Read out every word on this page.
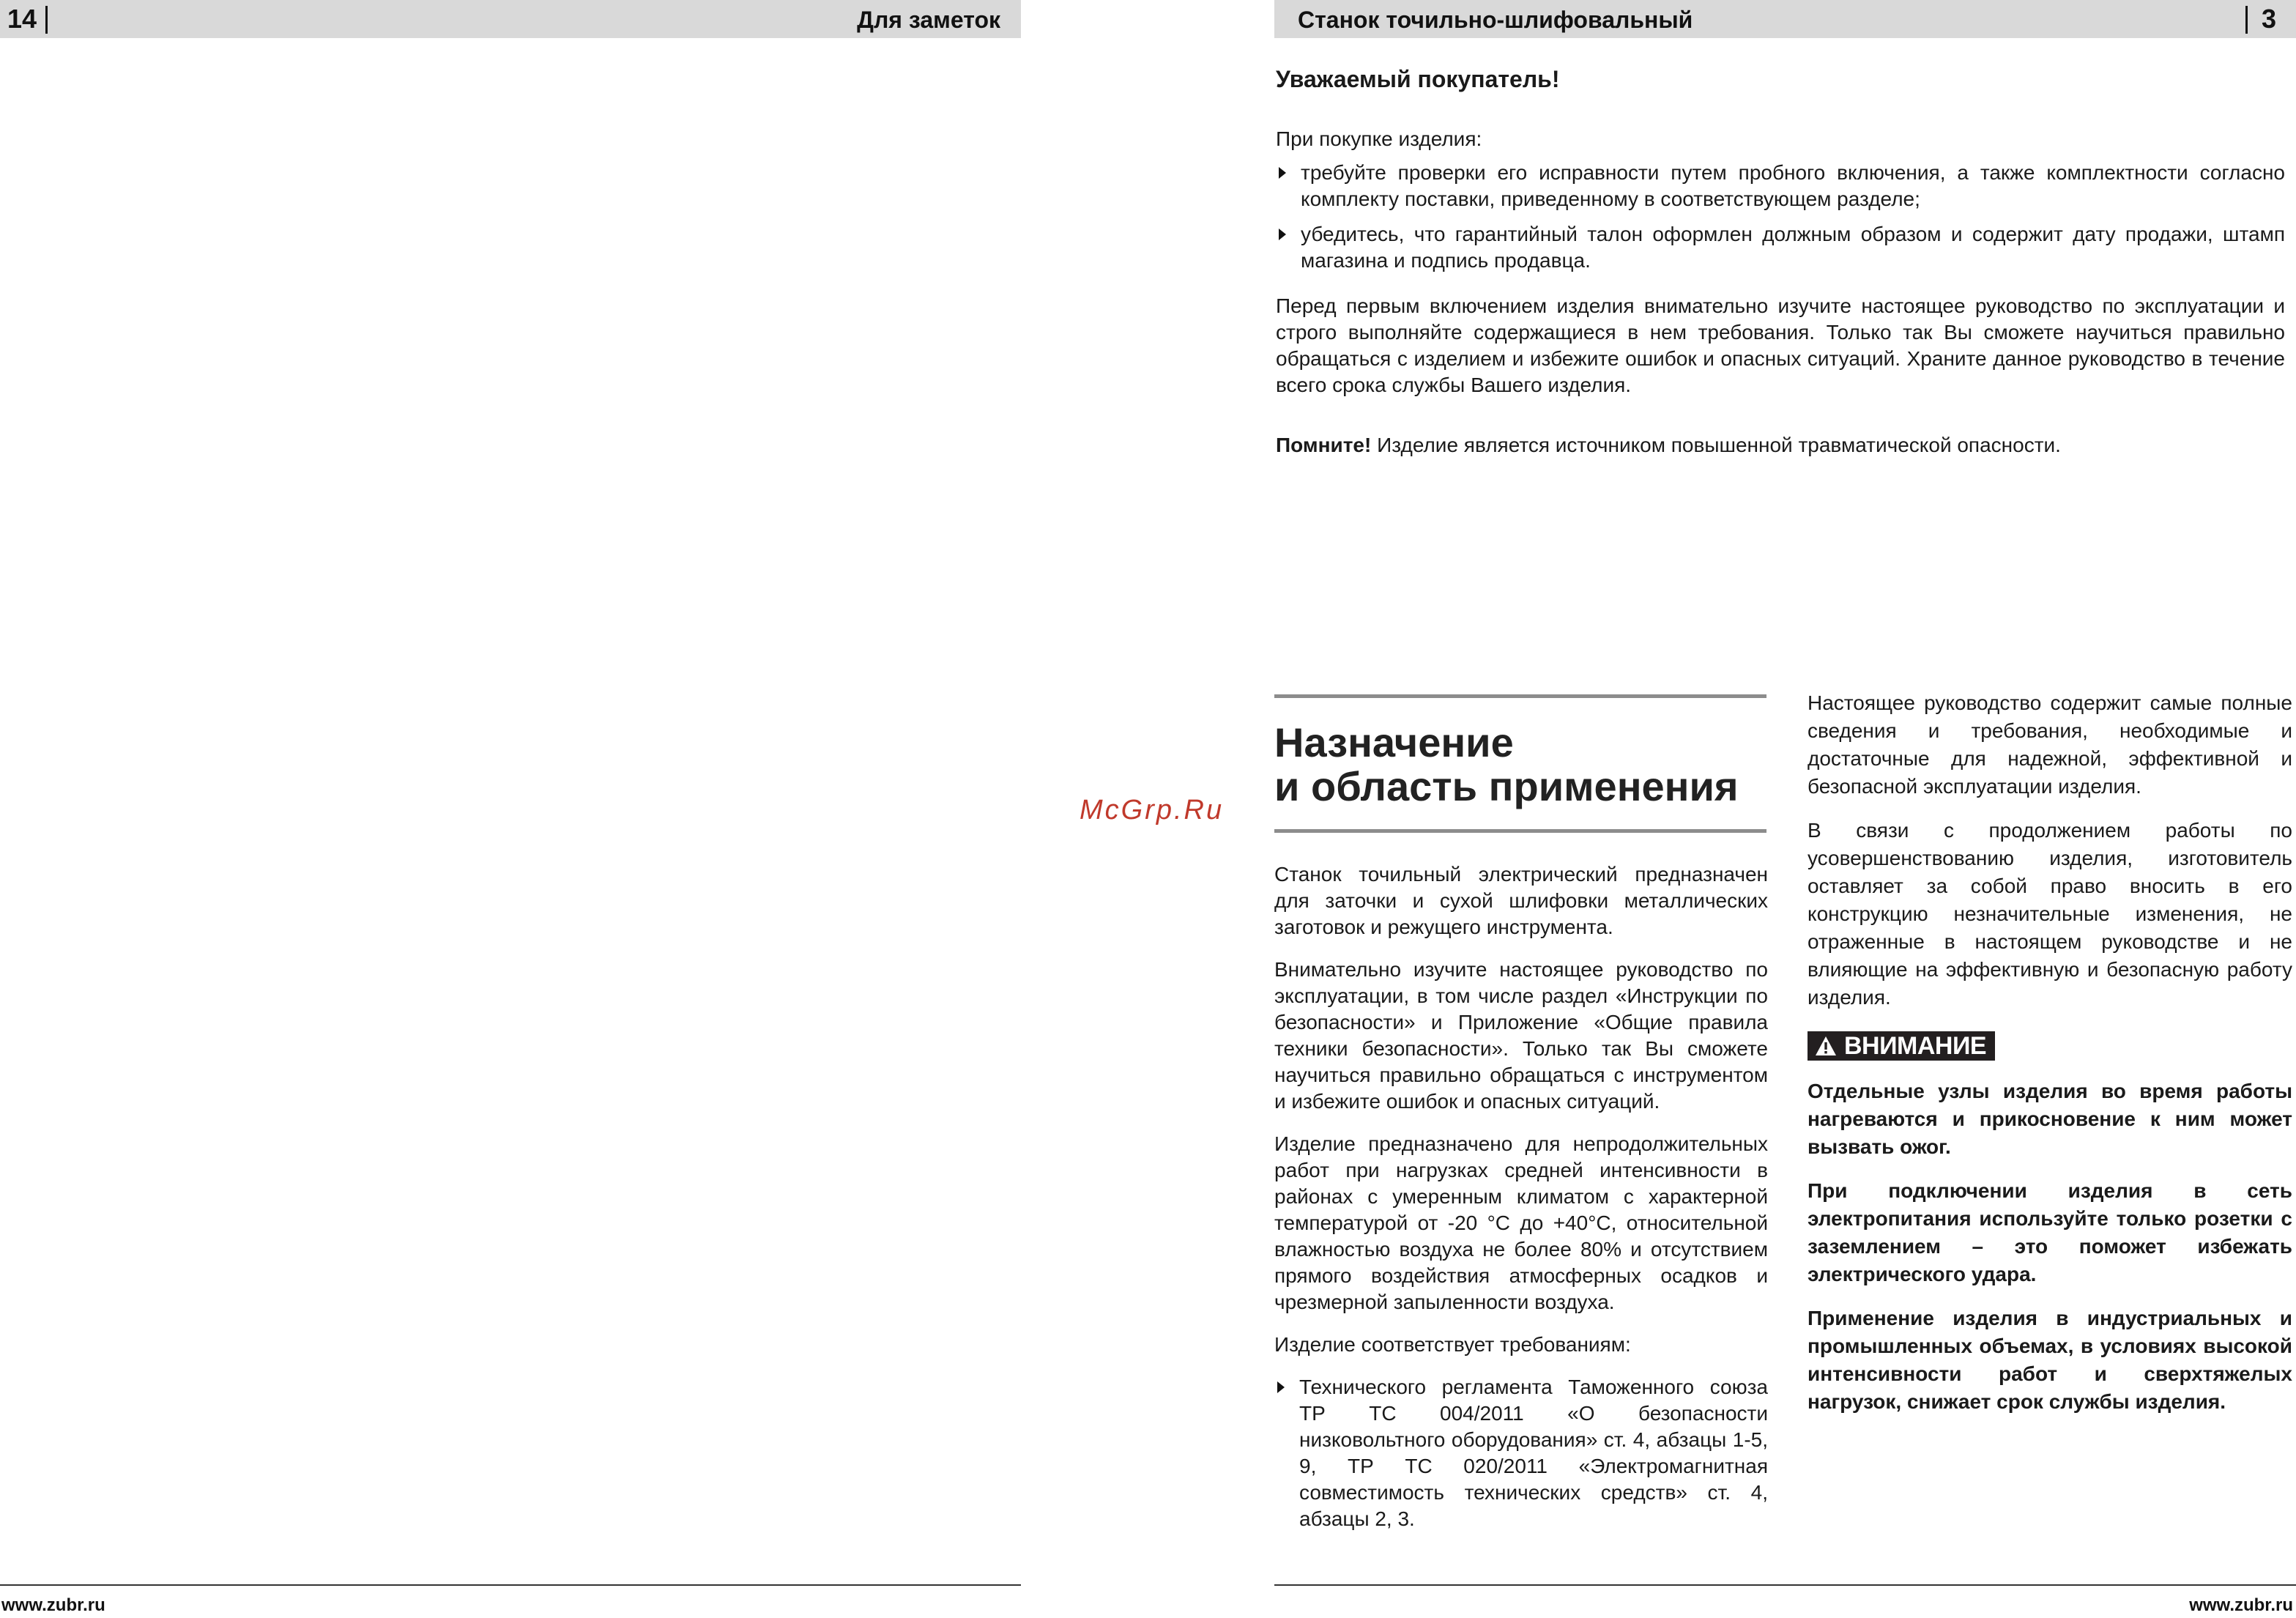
14	Для заметок	Станок точильно-шлифовальный	3
McGrp.Ru
Уважаемый покупатель!

При покупке изделия:

требуйте проверки его исправности путем пробного включения, а также комплектности согласно комплекту поставки, приведенному в соответствующем разделе;
убедитесь, что гарантийный талон оформлен должным образом и содержит дату продажи, штамп магазина и подпись продавца.

Перед первым включением изделия внимательно изучите настоящее руководство по эксплуатации и строго выполняйте содержащиеся в нем требования. Только так Вы сможете научиться правильно обращаться с изделием и избежите ошибок и опасных ситуаций. Храните данное руководство в течение всего срока службы Вашего изделия.

Помните! Изделие является источником повышенной травматической опасности.

Назначение
и область применения

Станок точильный электрический предназначен для заточки и сухой шлифовки металлических заготовок и режущего инструмента.

Внимательно изучите настоящее руководство по эксплуатации, в том числе раздел «Инструкции по безопасности» и Приложение «Общие правила техники безопасности». Только так Вы сможете научиться правильно обращаться с инструментом и избежите ошибок и опасных ситуаций.

Изделие предназначено для непродолжительных работ при нагрузках средней интенсивности в районах с умеренным климатом с характерной температурой от -20 °С до +40°С, относительной влажностью воздуха не более 80% и отсутствием прямого воздействия атмосферных осадков и чрезмерной запыленности воздуха.

Изделие соответствует требованиям:

Технического регламента Таможенного союза ТР ТС 004/2011 «О безопасности низковольтного оборудования» ст. 4, абзацы 1-5, 9, ТР ТС 020/2011 «Электромагнитная совместимость технических средств» ст. 4, абзацы 2, 3.

Настоящее руководство содержит самые полные сведения и требования, необходимые и достаточные для надежной, эффективной и безопасной эксплуатации изделия.

В связи с продолжением работы по усовершенствованию изделия, изготовитель оставляет за собой право вносить в его конструкцию незначительные изменения, не отраженные в настоящем руководстве и не влияющие на эффективную и безопасную работу изделия.

ВНИМАНИЕ

Отдельные узлы изделия во время работы нагреваются и прикосновение к ним может вызвать ожог.

При подключении изделия в сеть электропитания используйте только розетки с заземлением – это поможет избежать электрического удара.

Применение изделия в индустриальных и промышленных объемах, в условиях высокой интенсивности работ и сверхтяжелых нагрузок, снижает срок службы изделия.

www.zubr.ru	www.zubr.ru
